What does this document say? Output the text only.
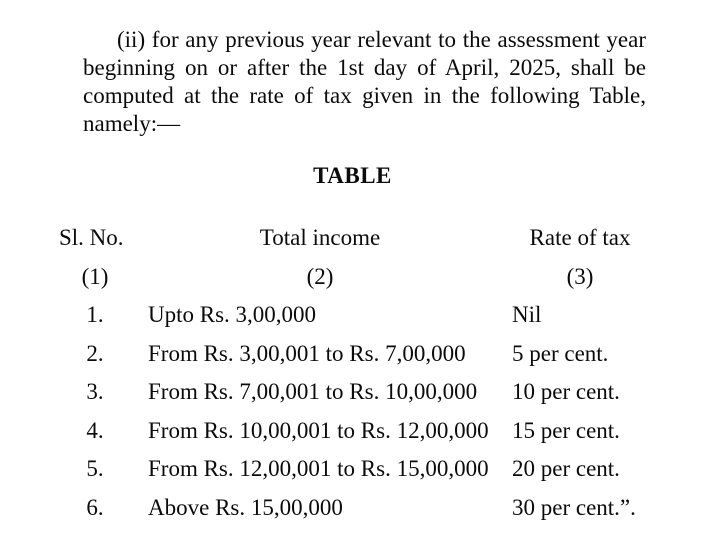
(ii) for any previous year relevant to the assessment year
beginning on or after the 1st day of April, 2025, shall be
computed at the rate of tax given in the following Table,
namely:—
TABLE
Sl. No.	Total income	Rate of tax
(1)	(2)	(3)
1.	Upto Rs. 3,00,000	Nil
2.	From Rs. 3,00,001 to Rs. 7,00,000	5 per cent.
3.	From Rs. 7,00,001 to Rs. 10,00,000	10 per cent.
4.	From Rs. 10,00,001 to Rs. 12,00,000	15 per cent.
5.	From Rs. 12,00,001 to Rs. 15,00,000	20 per cent.
6.	Above Rs. 15,00,000	30 per cent.”.
